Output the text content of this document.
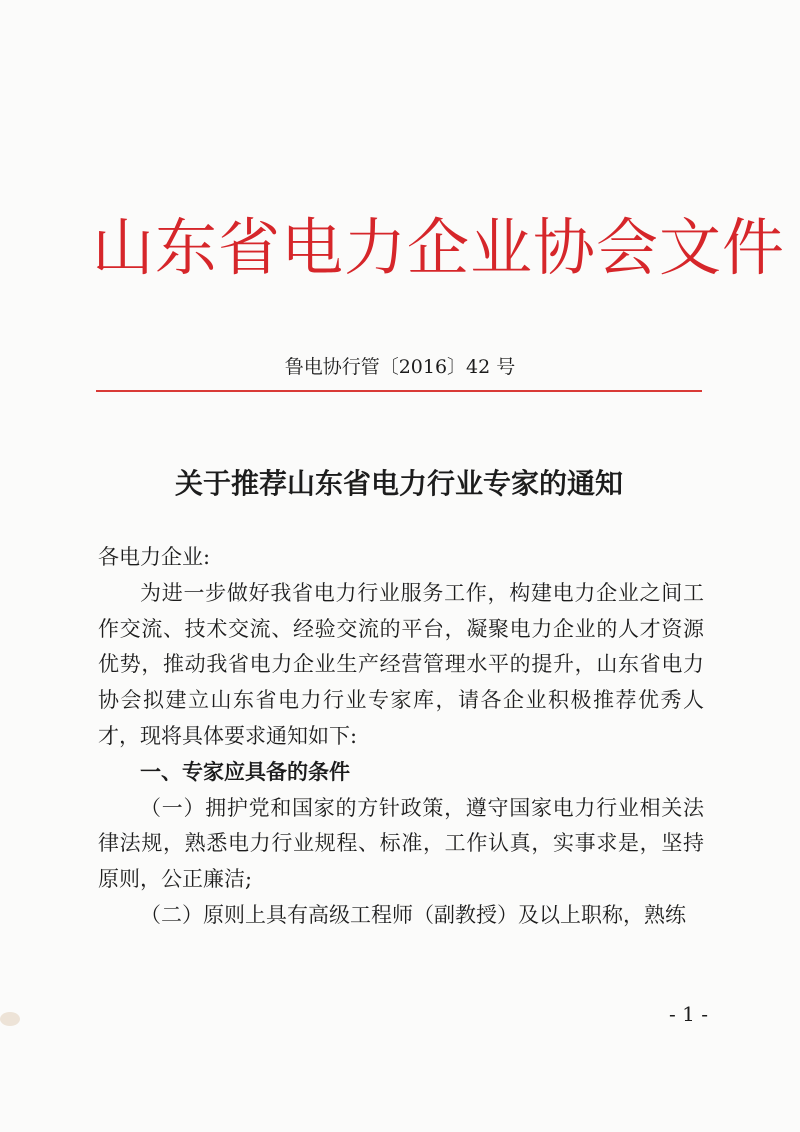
山东省电力企业协会文件
鲁电协行管〔2016〕42 号
关于推荐山东省电力行业专家的通知

各电力企业:

为进一步做好我省电力行业服务工作，构建电力企业之间工作交流、技术交流、经验交流的平台，凝聚电力企业的人才资源优势，推动我省电力企业生产经营管理水平的提升，山东省电力协会拟建立山东省电力行业专家库，请各企业积极推荐优秀人才，现将具体要求通知如下:

一、专家应具备的条件

（一）拥护党和国家的方针政策，遵守国家电力行业相关法律法规，熟悉电力行业规程、标准，工作认真，实事求是，坚持原则，公正廉洁;

（二）原则上具有高级工程师（副教授）及以上职称，熟练

- 1 -
